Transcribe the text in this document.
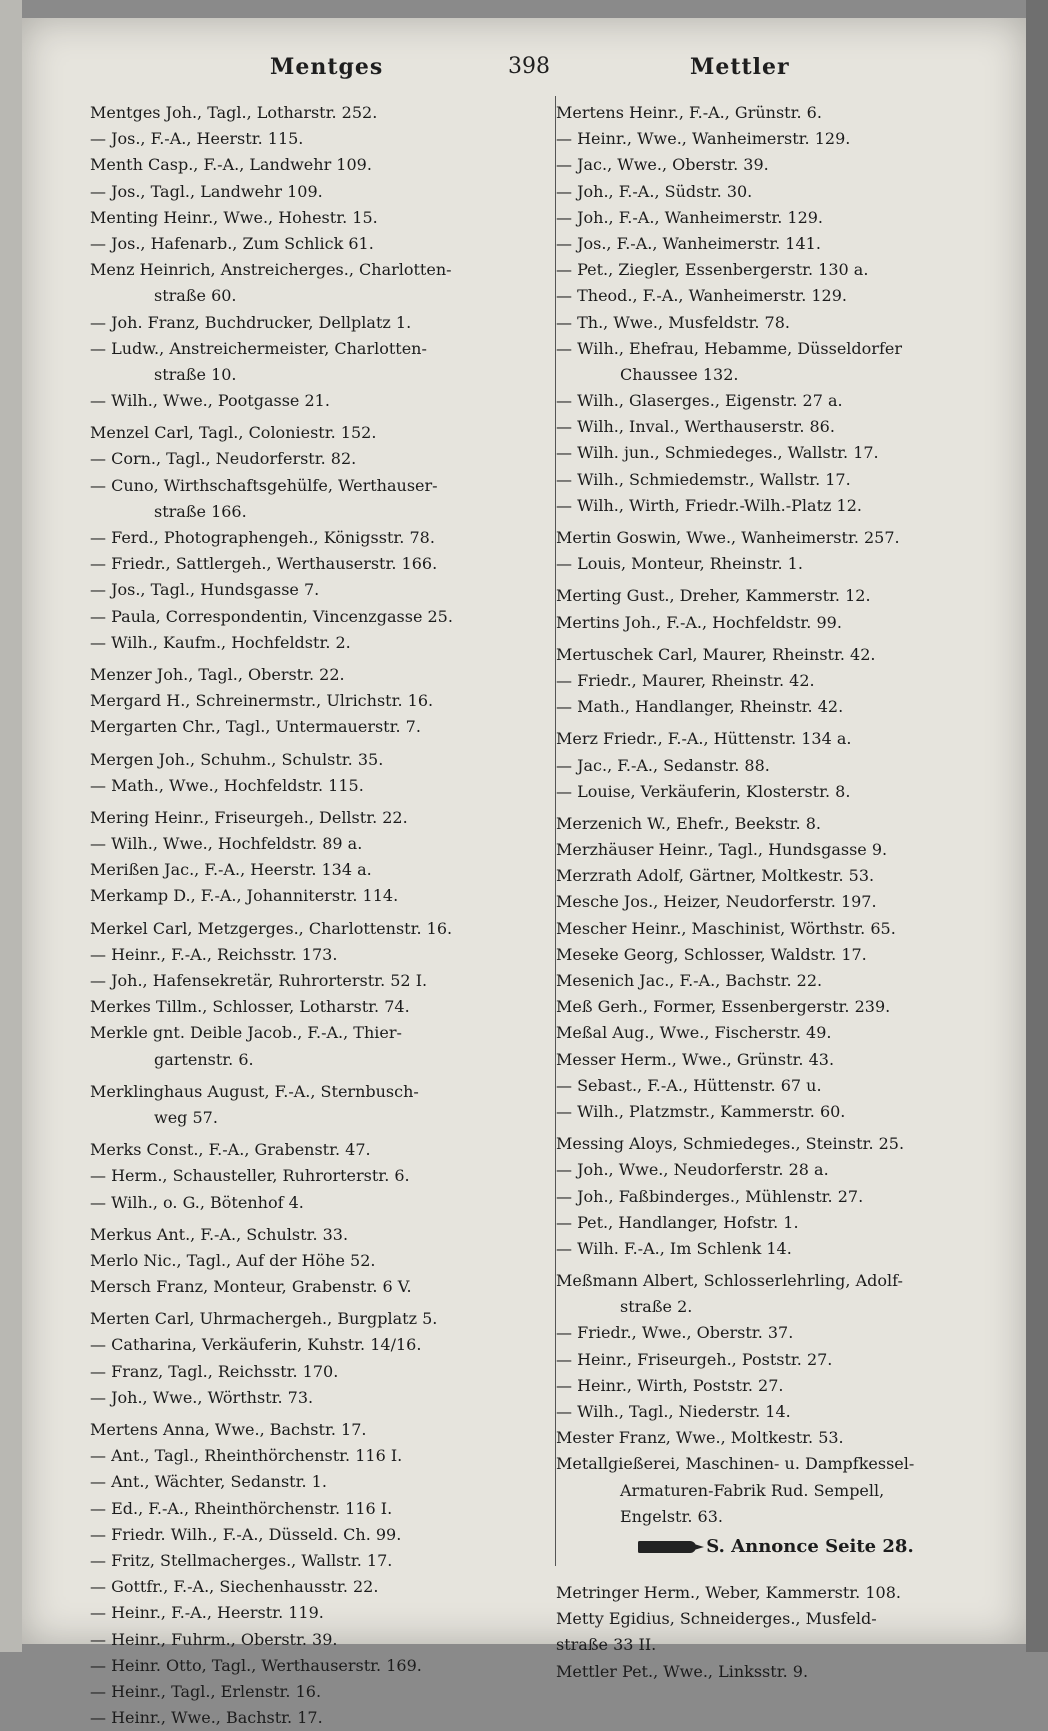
Mentges	398	Mettler
Mentges Joh., Tagl., Lotharstr. 252.
— Jos., F.-A., Heerstr. 115.
Menth Casp., F.-A., Landwehr 109.
— Jos., Tagl., Landwehr 109.
Menting Heinr., Wwe., Hohestr. 15.
— Jos., Hafenarb., Zum Schlick 61.
Menz Heinrich, Anstreicherges., Charlotten-
straße 60.
— Joh. Franz, Buchdrucker, Dellplatz 1.
— Ludw., Anstreichermeister, Charlotten-
straße 10.
— Wilh., Wwe., Pootgasse 21.
Menzel Carl, Tagl., Coloniestr. 152.
— Corn., Tagl., Neudorferstr. 82.
— Cuno, Wirthschaftsgehülfe, Werthauser-
straße 166.
— Ferd., Photographengeh., Königsstr. 78.
— Friedr., Sattlergeh., Werthauserstr. 166.
— Jos., Tagl., Hundsgasse 7.
— Paula, Correspondentin, Vincenzgasse 25.
— Wilh., Kaufm., Hochfeldstr. 2.
Menzer Joh., Tagl., Oberstr. 22.
Mergard H., Schreinermstr., Ulrichstr. 16.
Mergarten Chr., Tagl., Untermauerstr. 7.
Mergen Joh., Schuhm., Schulstr. 35.
— Math., Wwe., Hochfeldstr. 115.
Mering Heinr., Friseurgeh., Dellstr. 22.
— Wilh., Wwe., Hochfeldstr. 89 a.
Merißen Jac., F.-A., Heerstr. 134 a.
Merkamp D., F.-A., Johanniterstr. 114.
Merkel Carl, Metzgerges., Charlottenstr. 16.
— Heinr., F.-A., Reichsstr. 173.
— Joh., Hafensekretär, Ruhrorterstr. 52 I.
Merkes Tillm., Schlosser, Lotharstr. 74.
Merkle gnt. Deible Jacob., F.-A., Thier-
gartenstr. 6.
Merklinghaus August, F.-A., Sternbusch-
weg 57.
Merks Const., F.-A., Grabenstr. 47.
— Herm., Schausteller, Ruhrorterstr. 6.
— Wilh., o. G., Bötenhof 4.
Merkus Ant., F.-A., Schulstr. 33.
Merlo Nic., Tagl., Auf der Höhe 52.
Mersch Franz, Monteur, Grabenstr. 6 V.
Merten Carl, Uhrmachergeh., Burgplatz 5.
— Catharina, Verkäuferin, Kuhstr. 14/16.
— Franz, Tagl., Reichsstr. 170.
— Joh., Wwe., Wörthstr. 73.
Mertens Anna, Wwe., Bachstr. 17.
— Ant., Tagl., Rheinthörchenstr. 116 I.
— Ant., Wächter, Sedanstr. 1.
— Ed., F.-A., Rheinthörchenstr. 116 I.
— Friedr. Wilh., F.-A., Düsseld. Ch. 99.
— Fritz, Stellmacherges., Wallstr. 17.
— Gottfr., F.-A., Siechenhausstr. 22.
— Heinr., F.-A., Heerstr. 119.
— Heinr., Fuhrm., Oberstr. 39.
— Heinr. Otto, Tagl., Werthauserstr. 169.
— Heinr., Tagl., Erlenstr. 16.
— Heinr., Wwe., Bachstr. 17.
Mertens Heinr., F.-A., Grünstr. 6.
— Heinr., Wwe., Wanheimerstr. 129.
— Jac., Wwe., Oberstr. 39.
— Joh., F.-A., Südstr. 30.
— Joh., F.-A., Wanheimerstr. 129.
— Jos., F.-A., Wanheimerstr. 141.
— Pet., Ziegler, Essenbergerstr. 130 a.
— Theod., F.-A., Wanheimerstr. 129.
— Th., Wwe., Musfeldstr. 78.
— Wilh., Ehefrau, Hebamme, Düsseldorfer
Chaussee 132.
— Wilh., Glaserges., Eigenstr. 27 a.
— Wilh., Inval., Werthauserstr. 86.
— Wilh. jun., Schmiedeges., Wallstr. 17.
— Wilh., Schmiedemstr., Wallstr. 17.
— Wilh., Wirth, Friedr.-Wilh.-Platz 12.
Mertin Goswin, Wwe., Wanheimerstr. 257.
— Louis, Monteur, Rheinstr. 1.
Merting Gust., Dreher, Kammerstr. 12.
Mertins Joh., F.-A., Hochfeldstr. 99.
Mertuschek Carl, Maurer, Rheinstr. 42.
— Friedr., Maurer, Rheinstr. 42.
— Math., Handlanger, Rheinstr. 42.
Merz Friedr., F.-A., Hüttenstr. 134 a.
— Jac., F.-A., Sedanstr. 88.
— Louise, Verkäuferin, Klosterstr. 8.
Merzenich W., Ehefr., Beekstr. 8.
Merzhäuser Heinr., Tagl., Hundsgasse 9.
Merzrath Adolf, Gärtner, Moltkestr. 53.
Mesche Jos., Heizer, Neudorferstr. 197.
Mescher Heinr., Maschinist, Wörthstr. 65.
Meseke Georg, Schlosser, Waldstr. 17.
Mesenich Jac., F.-A., Bachstr. 22.
Meß Gerh., Former, Essenbergerstr. 239.
Meßal Aug., Wwe., Fischerstr. 49.
Messer Herm., Wwe., Grünstr. 43.
— Sebast., F.-A., Hüttenstr. 67 u.
— Wilh., Platzmstr., Kammerstr. 60.
Messing Aloys, Schmiedeges., Steinstr. 25.
— Joh., Wwe., Neudorferstr. 28 a.
— Joh., Faßbinderges., Mühlenstr. 27.
— Pet., Handlanger, Hofstr. 1.
— Wilh. F.-A., Im Schlenk 14.
Meßmann Albert, Schlosserlehrling, Adolf-
straße 2.
— Friedr., Wwe., Oberstr. 37.
— Heinr., Friseurgeh., Poststr. 27.
— Heinr., Wirth, Poststr. 27.
— Wilh., Tagl., Niederstr. 14.
Mester Franz, Wwe., Moltkestr. 53.
Metallgießerei, Maschinen- u. Dampfkessel-
Armaturen-Fabrik Rud. Sempell,
Engelstr. 63.
S. Annonce Seite 28.
Metringer Herm., Weber, Kammerstr. 108.
Metty Egidius, Schneiderges., Musfeld-
straße 33 II.
Mettler Pet., Wwe., Linksstr. 9.
